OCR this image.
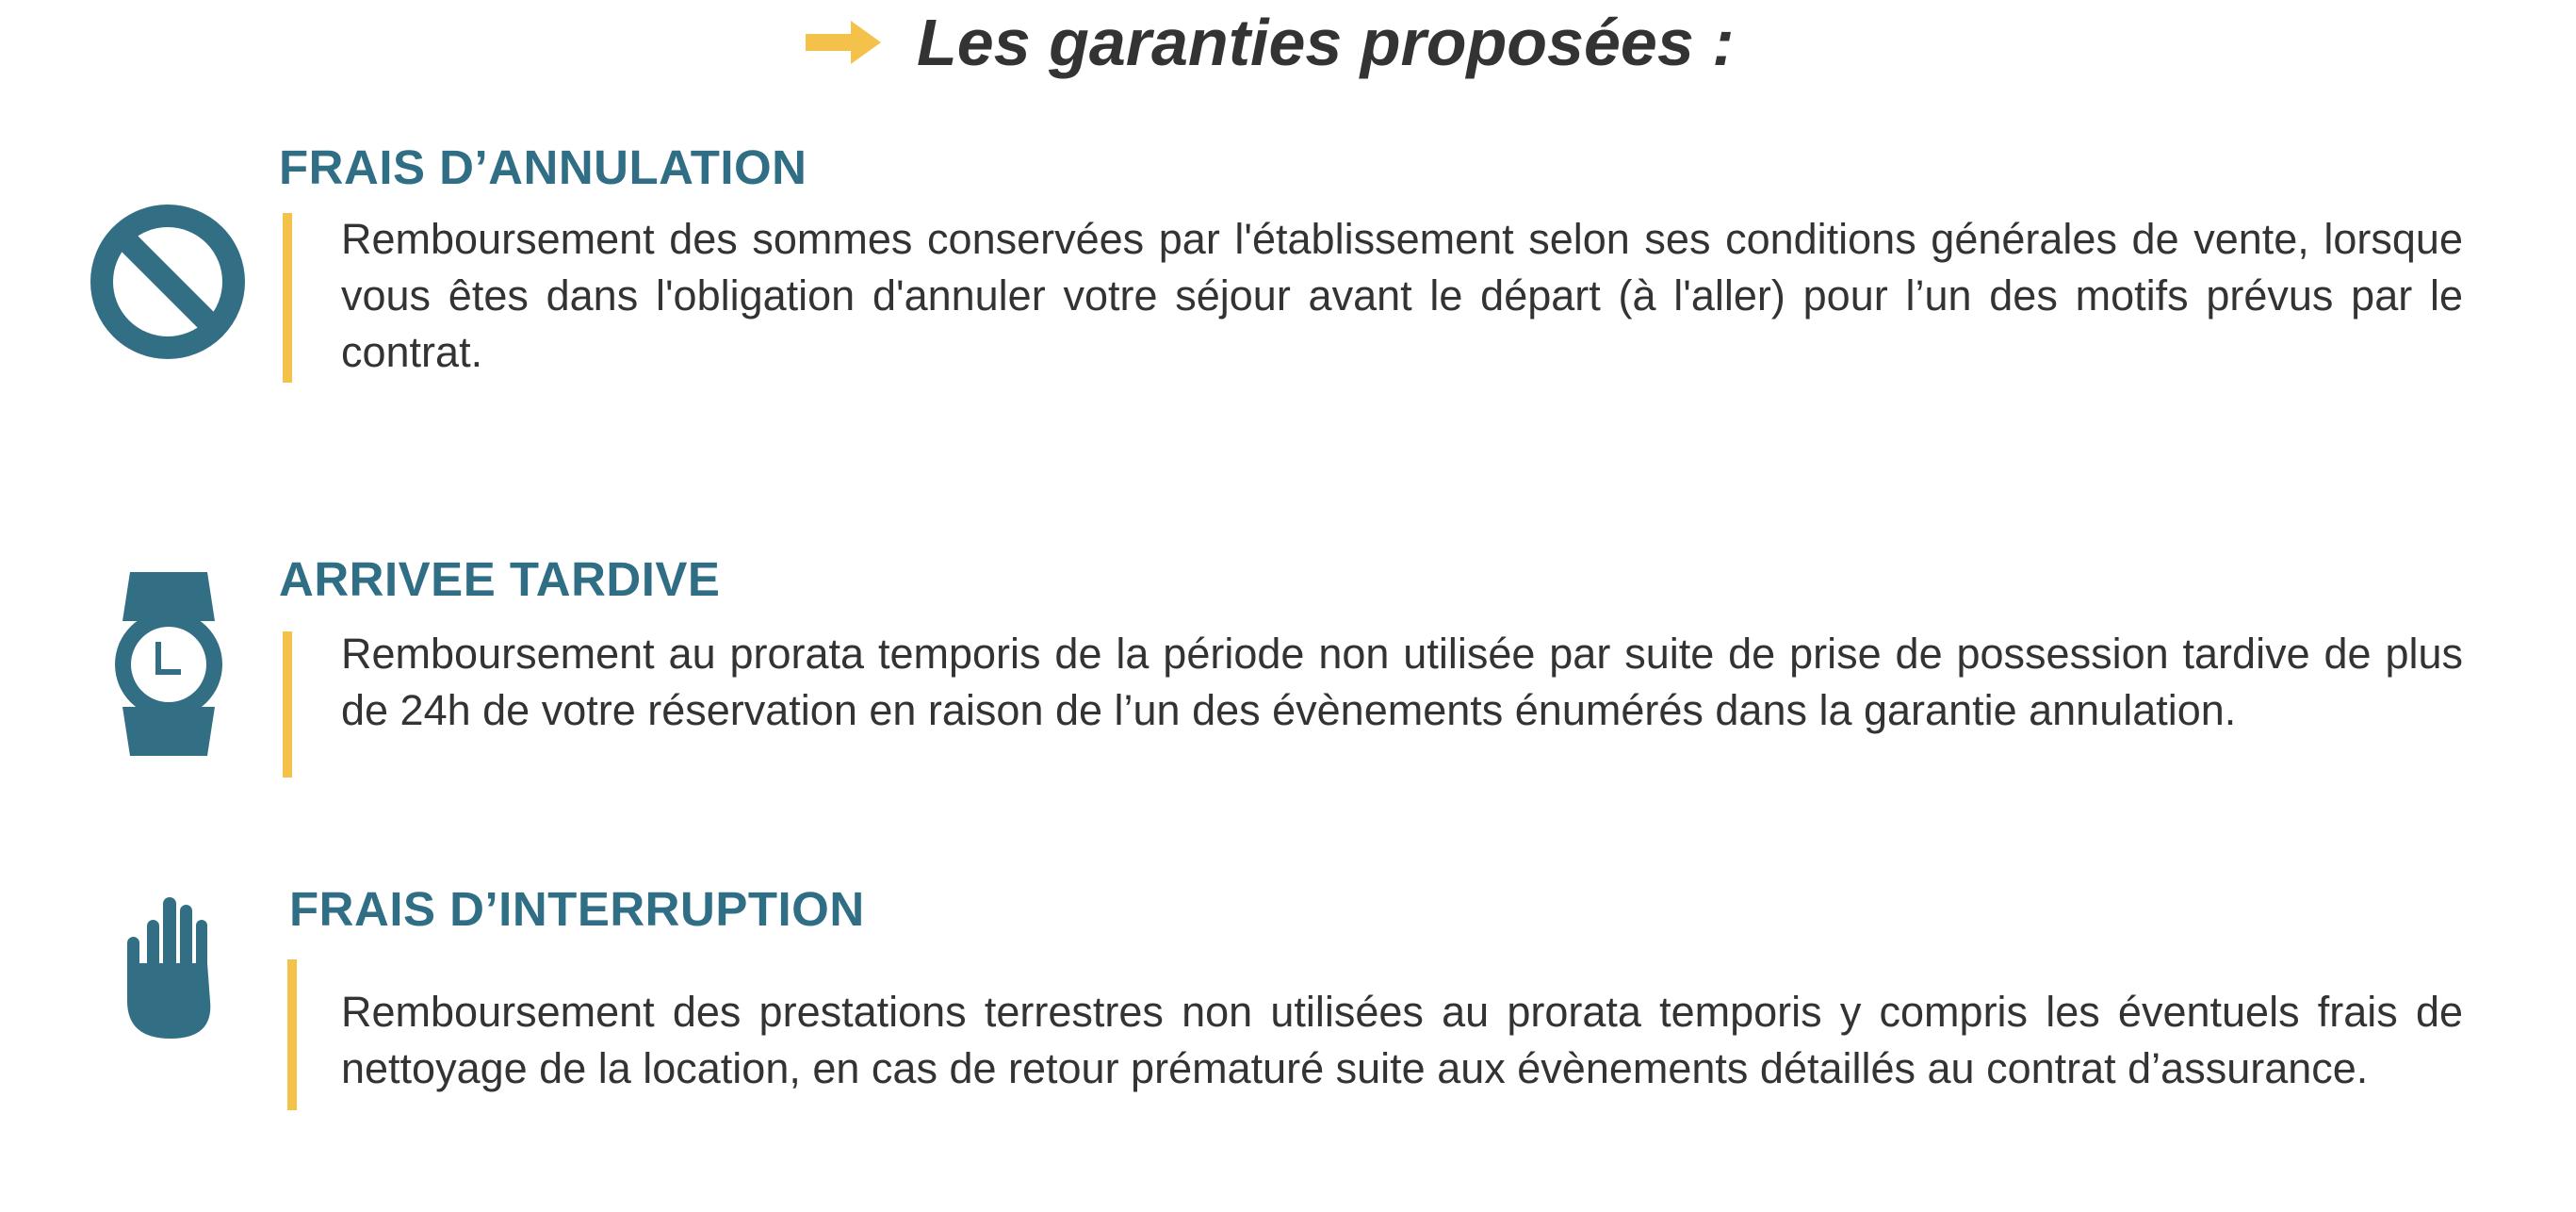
Les garanties proposées :
FRAIS D’ANNULATION
Remboursement des sommes conservées par l'établissement selon ses conditions générales de vente, lorsque vous êtes dans l'obligation d'annuler votre séjour avant le départ (à l'aller) pour l’un des motifs prévus par le contrat.
ARRIVEE TARDIVE
Remboursement au prorata temporis de la période non utilisée par suite de prise de possession tardive de plus de 24h de votre réservation en raison de l’un des évènements énumérés dans la garantie annulation.
FRAIS D’INTERRUPTION
Remboursement des prestations terrestres non utilisées au prorata temporis y compris les éventuels frais de nettoyage de la location, en cas de retour prématuré suite aux évènements détaillés au contrat d’assurance.
